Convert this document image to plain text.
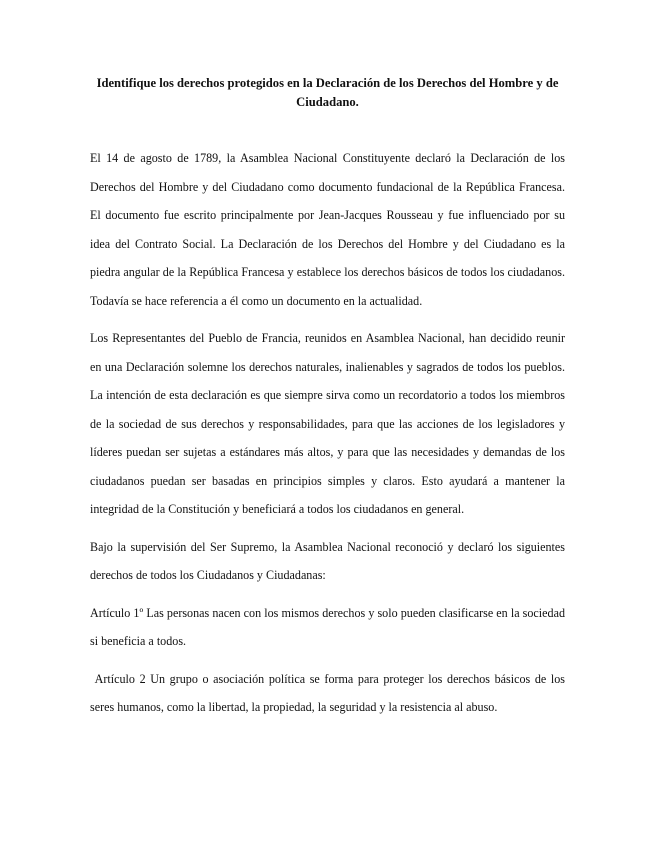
Identifique los derechos protegidos en la Declaración de los Derechos del Hombre y de Ciudadano.

El 14 de agosto de 1789, la Asamblea Nacional Constituyente declaró la Declaración de los Derechos del Hombre y del Ciudadano como documento fundacional de la República Francesa. El documento fue escrito principalmente por Jean-Jacques Rousseau y fue influenciado por su idea del Contrato Social. La Declaración de los Derechos del Hombre y del Ciudadano es la piedra angular de la República Francesa y establece los derechos básicos de todos los ciudadanos. Todavía se hace referencia a él como un documento en la actualidad.

Los Representantes del Pueblo de Francia, reunidos en Asamblea Nacional, han decidido reunir en una Declaración solemne los derechos naturales, inalienables y sagrados de todos los pueblos. La intención de esta declaración es que siempre sirva como un recordatorio a todos los miembros de la sociedad de sus derechos y responsabilidades, para que las acciones de los legisladores y líderes puedan ser sujetas a estándares más altos, y para que las necesidades y demandas de los ciudadanos puedan ser basadas en principios simples y claros. Esto ayudará a mantener la integridad de la Constitución y beneficiará a todos los ciudadanos en general.

Bajo la supervisión del Ser Supremo, la Asamblea Nacional reconoció y declaró los siguientes derechos de todos los Ciudadanos y Ciudadanas:

Artículo 1º Las personas nacen con los mismos derechos y solo pueden clasificarse en la sociedad si beneficia a todos.

Artículo 2 Un grupo o asociación política se forma para proteger los derechos básicos de los seres humanos, como la libertad, la propiedad, la seguridad y la resistencia al abuso.
